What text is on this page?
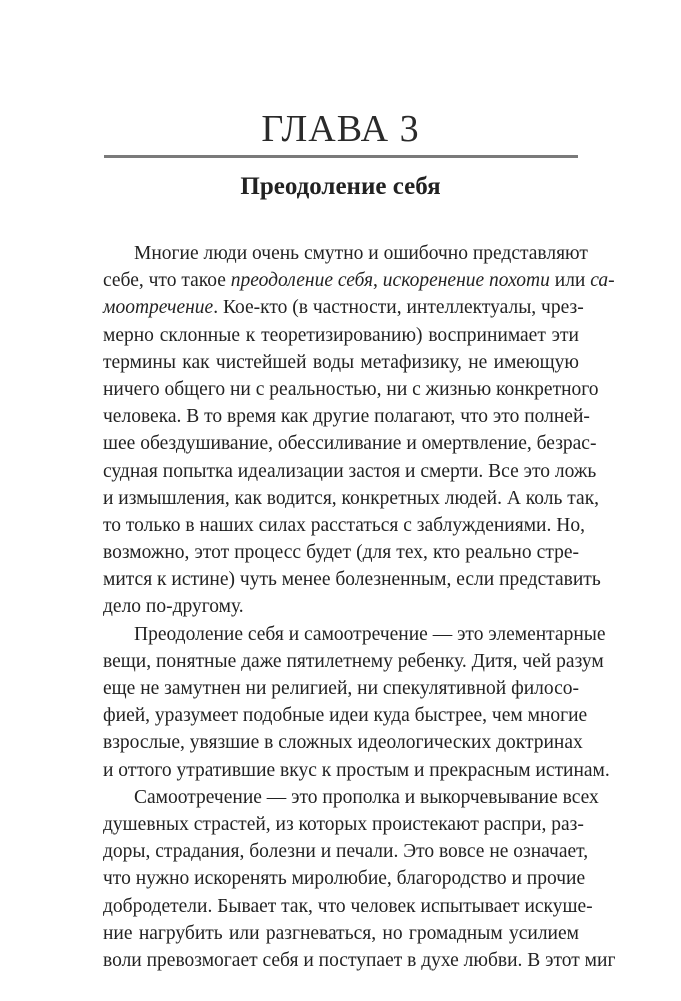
ГЛАВА 3
Преодоление себя
Многие люди очень смутно и ошибочно представляют
себе, что такое преодоление себя, искоренение похоти или са-
моотречение. Кое-кто (в частности, интеллектуалы, чрез-
мерно склонные к теоретизированию) воспринимает эти
термины как чистейшей воды метафизику, не имеющую
ничего общего ни с реальностью, ни с жизнью конкретного
человека. В то время как другие полагают, что это полней-
шее обездушивание, обессиливание и омертвление, безрас-
судная попытка идеализации застоя и смерти. Все это ложь
и измышления, как водится, конкретных людей. А коль так,
то только в наших силах расстаться с заблуждениями. Но,
возможно, этот процесс будет (для тех, кто реально стре-
мится к истине) чуть менее болезненным, если представить
дело по-другому.
Преодоление себя и самоотречение — это элементарные
вещи, понятные даже пятилетнему ребенку. Дитя, чей разум
еще не замутнен ни религией, ни спекулятивной филосо-
фией, уразумеет подобные идеи куда быстрее, чем многие
взрослые, увязшие в сложных идеологических доктринах
и оттого утратившие вкус к простым и прекрасным истинам.
Самоотречение — это прополка и выкорчевывание всех
душевных страстей, из которых проистекают распри, раз-
доры, страдания, болезни и печали. Это вовсе не означает,
что нужно искоренять миролюбие, благородство и прочие
добродетели. Бывает так, что человек испытывает искуше-
ние нагрубить или разгневаться, но громадным усилием
воли превозмогает себя и поступает в духе любви. В этот миг
